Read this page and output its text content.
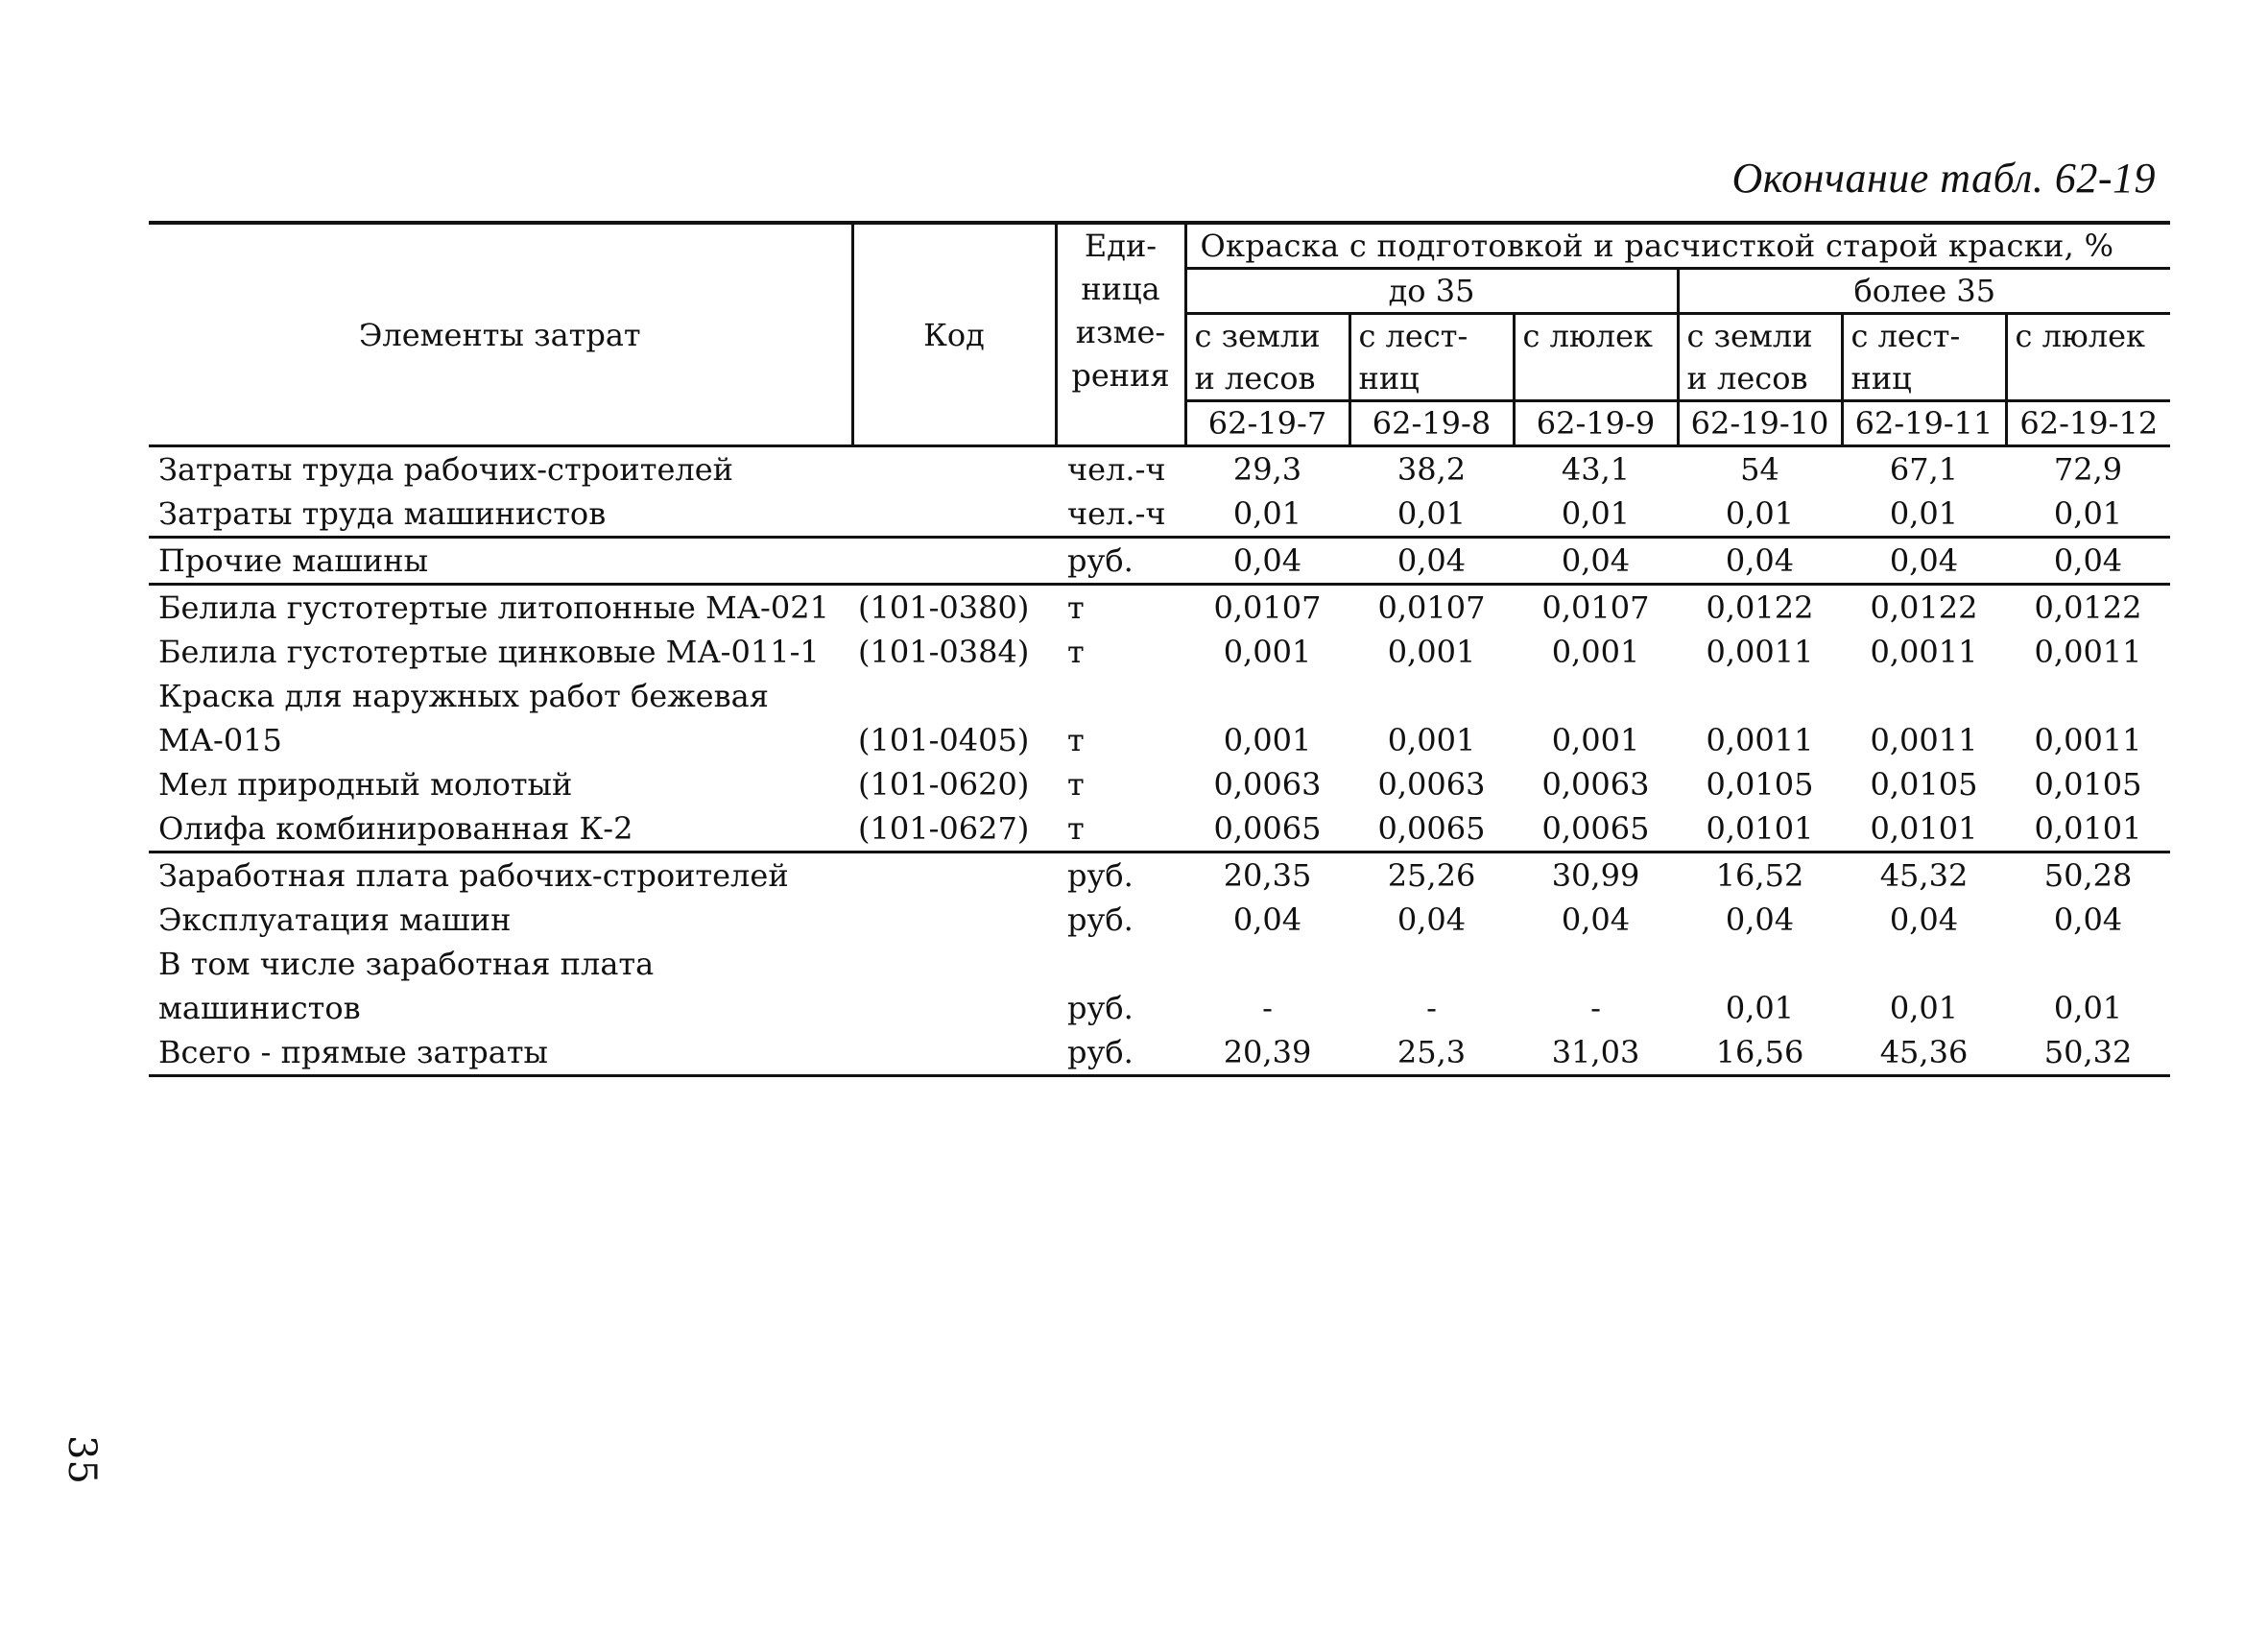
Окончание табл. 62-19
Элементы затрат	Код	Еди-
ница
изме-
рения	Окраска с подготовкой и расчисткой старой краски, %					
			до 35			более 35		
			с земли	с лест-	с люлек	с земли	с лест-	с люлек
			и лесов	ниц		и лесов	ниц	
			62-19-7	62-19-8	62-19-9	62-19-10	62-19-11	62-19-12
Затраты труда рабочих-строителей		чел.-ч	29,3	38,2	43,1	54	67,1	72,9
Затраты труда машинистов		чел.-ч	0,01	0,01	0,01	0,01	0,01	0,01
Прочие машины		руб.	0,04	0,04	0,04	0,04	0,04	0,04
Белила густотертые литопонные МА-021	(101-0380)	т	0,0107	0,0107	0,0107	0,0122	0,0122	0,0122
Белила густотертые цинковые МА-011-1	(101-0384)	т	0,001	0,001	0,001	0,0011	0,0011	0,0011
Краска для наружных работ бежевая МА-015	(101-0405)	т	0,001	0,001	0,001	0,0011	0,0011	0,0011
Мел природный молотый	(101-0620)	т	0,0063	0,0063	0,0063	0,0105	0,0105	0,0105
Олифа комбинированная К-2	(101-0627)	т	0,0065	0,0065	0,0065	0,0101	0,0101	0,0101
Заработная плата рабочих-строителей		руб.	20,35	25,26	30,99	16,52	45,32	50,28
Эксплуатация машин		руб.	0,04	0,04	0,04	0,04	0,04	0,04
В том числе заработная плата машинистов		руб.	-	-	-	0,01	0,01	0,01
Всего - прямые затраты		руб.	20,39	25,3	31,03	16,56	45,36	50,32
35
